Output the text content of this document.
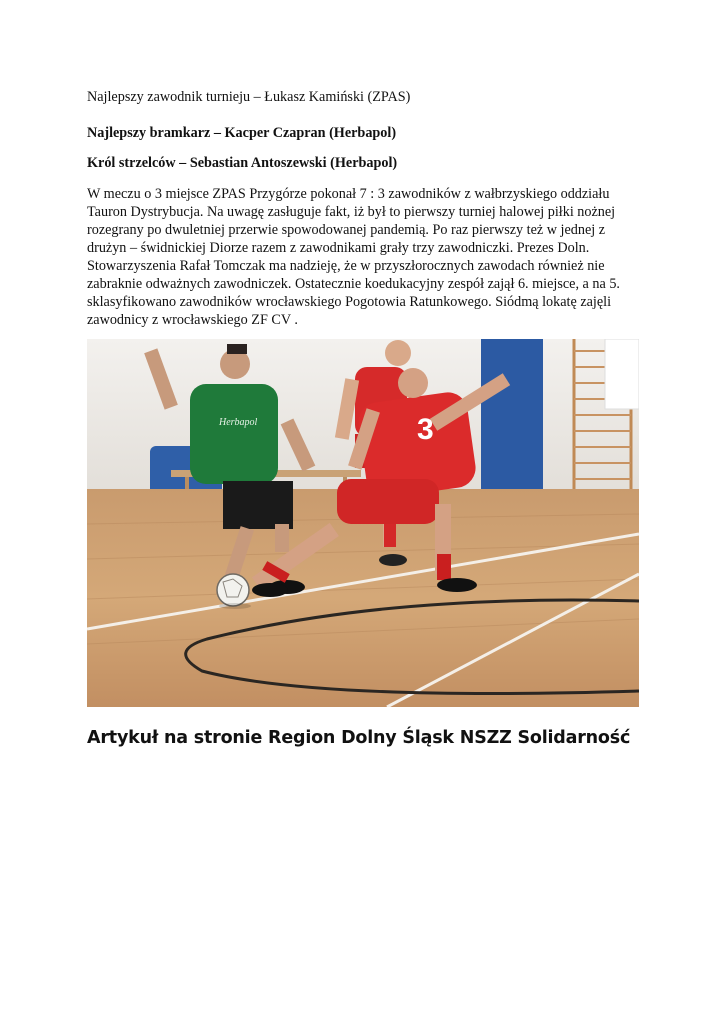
Najlepszy zawodnik turnieju – Łukasz Kamiński (ZPAS)

Najlepszy bramkarz – Kacper Czapran (Herbapol)

Król strzelców – Sebastian Antoszewski (Herbapol)

W meczu o 3 miejsce ZPAS Przygórze pokonał 7 : 3 zawodników z wałbrzyskiego oddziału
Tauron Dystrybucja. Na uwagę zasługuje fakt, iż był to pierwszy turniej halowej piłki nożnej
rozegrany po dwuletniej przerwie spowodowanej pandemią. Po raz pierwszy też w jednej z
drużyn – świdnickiej Diorze razem z zawodnikami grały trzy zawodniczki. Prezes Doln.
Stowarzyszenia Rafał Tomczak ma nadzieję, że w przyszłorocznych zawodach również nie
zabraknie odważnych zawodniczek. Ostatecznie koedukacyjny zespół zajął 6. miejsce, a na 5.
sklasyfikowano zawodników wrocławskiego Pogotowia Ratunkowego. Siódmą lokatę zajęli
zawodnicy z wrocławskiego ZF CV .
Herbapol	3

Artykuł na stronie Region Dolny Śląsk NSZZ Solidarność
